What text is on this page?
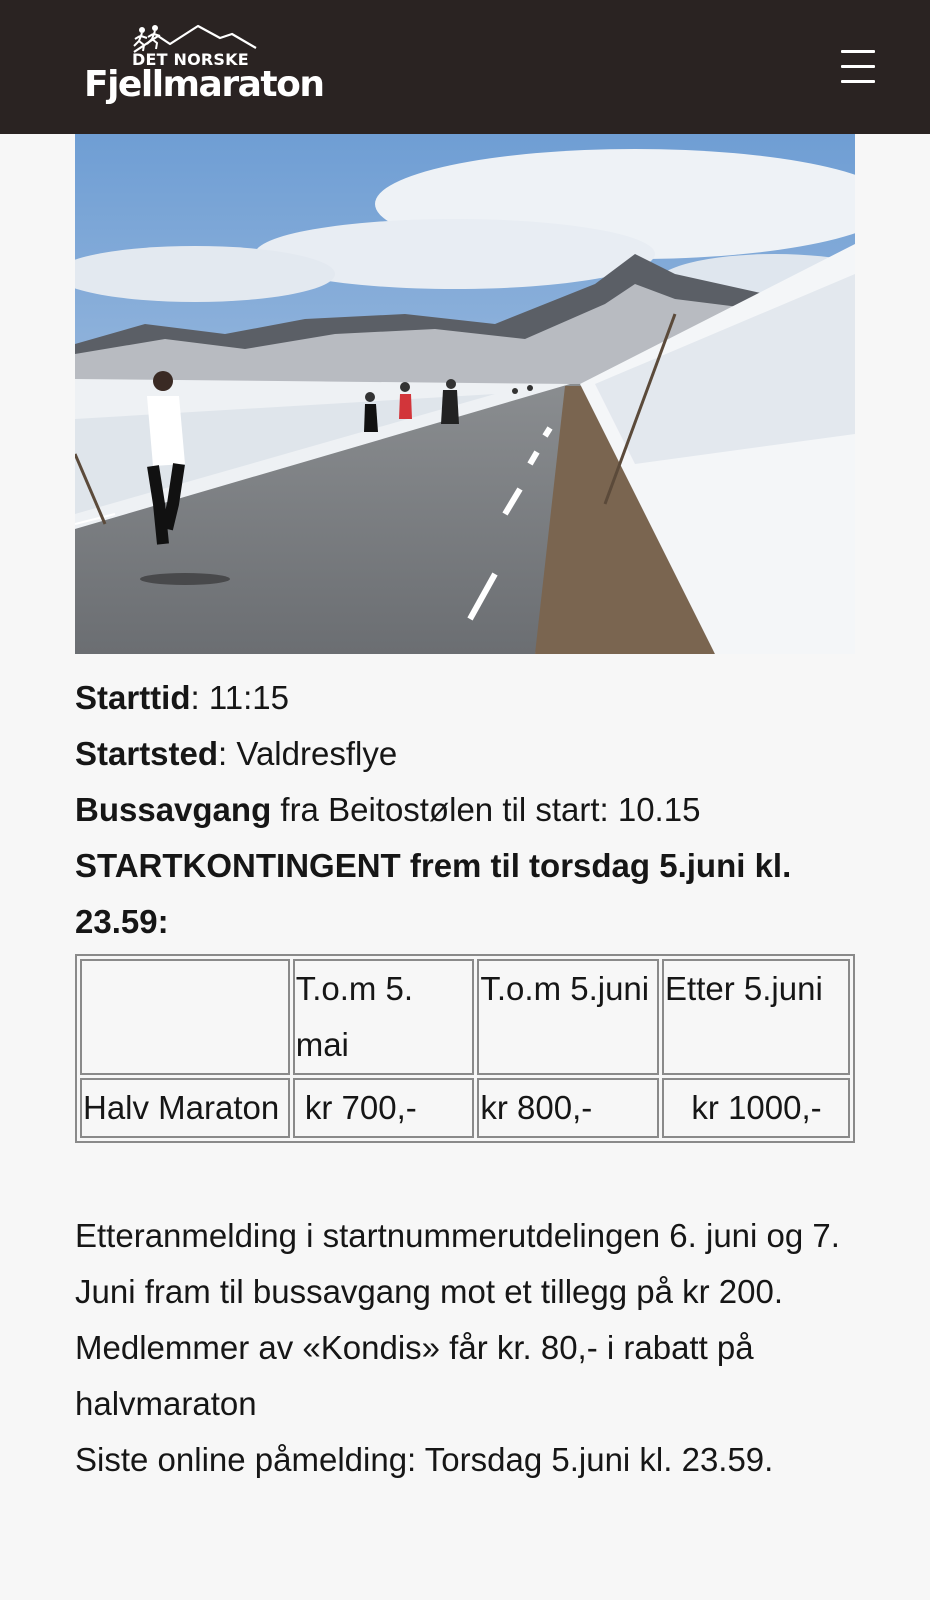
DET NORSKE
Fjellmaraton

Starttid: 11:15

Startsted: Valdresflye

Bussavgang fra Beitostølen til start: 10.15

STARTKONTINGENT frem til torsdag 5.juni kl. 23.59:

	T.o.m 5. mai	T.o.m 5.juni	Etter 5.juni
Halv Maraton	kr 700,-	kr 800,-	kr 1000,-

Etteranmelding i startnummerutdelingen 6. juni og 7. Juni fram til bussavgang mot et tillegg på kr 200.

Medlemmer av «Kondis» får kr. 80,- i rabatt på halvmaraton

Siste online påmelding: Torsdag 5.juni kl. 23.59.
